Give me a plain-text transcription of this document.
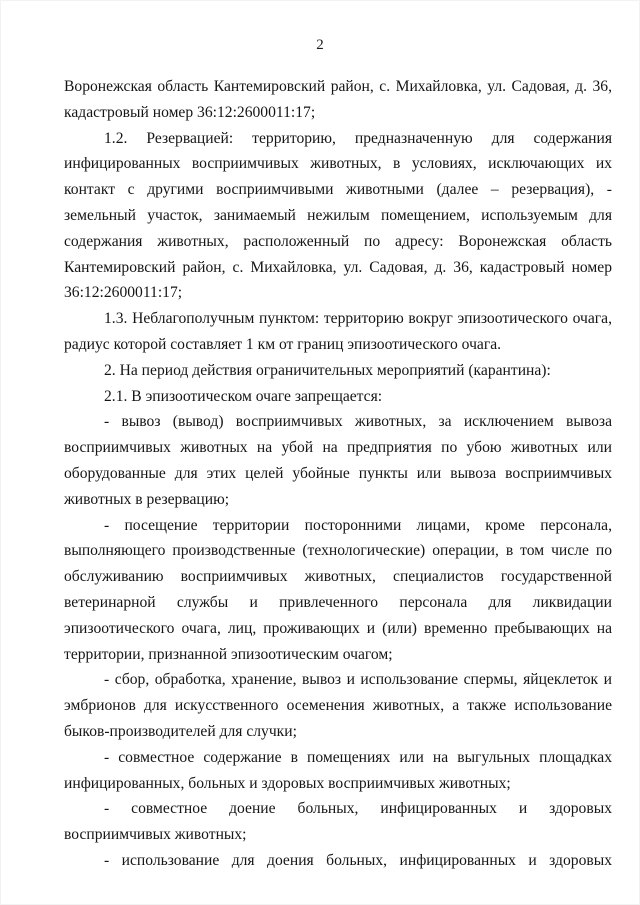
2

Воронежская область Кантемировский район, с. Михайловка, ул. Садовая, д. 36, кадастровый номер 36:12:2600011:17;

1.2. Резервацией: территорию, предназначенную для содержания инфицированных восприимчивых животных, в условиях, исключающих их контакт с другими восприимчивыми животными (далее – резервация), - земельный участок, занимаемый нежилым помещением, используемым для содержания животных, расположенный по адресу: Воронежская область Кантемировский район, с. Михайловка, ул. Садовая, д. 36, кадастровый номер 36:12:2600011:17;

1.3. Неблагополучным пунктом: территорию вокруг эпизоотического очага, радиус которой составляет 1 км от границ эпизоотического очага.

2. На период действия ограничительных мероприятий (карантина):

2.1. В эпизоотическом очаге запрещается:

- вывоз (вывод) восприимчивых животных, за исключением вывоза восприимчивых животных на убой на предприятия по убою животных или оборудованные для этих целей убойные пункты или вывоза восприимчивых животных в резервацию;

- посещение территории посторонними лицами, кроме персонала, выполняющего производственные (технологические) операции, в том числе по обслуживанию восприимчивых животных, специалистов государственной ветеринарной службы и привлеченного персонала для ликвидации эпизоотического очага, лиц, проживающих и (или) временно пребывающих на территории, признанной эпизоотическим очагом;

- сбор, обработка, хранение, вывоз и использование спермы, яйцеклеток и эмбрионов для искусственного осеменения животных, а также использование быков-производителей для случки;

- совместное содержание в помещениях или на выгульных площадках инфицированных, больных и здоровых восприимчивых животных;

- совместное доение больных, инфицированных и здоровых восприимчивых животных;

- использование для доения больных, инфицированных и здоровых
